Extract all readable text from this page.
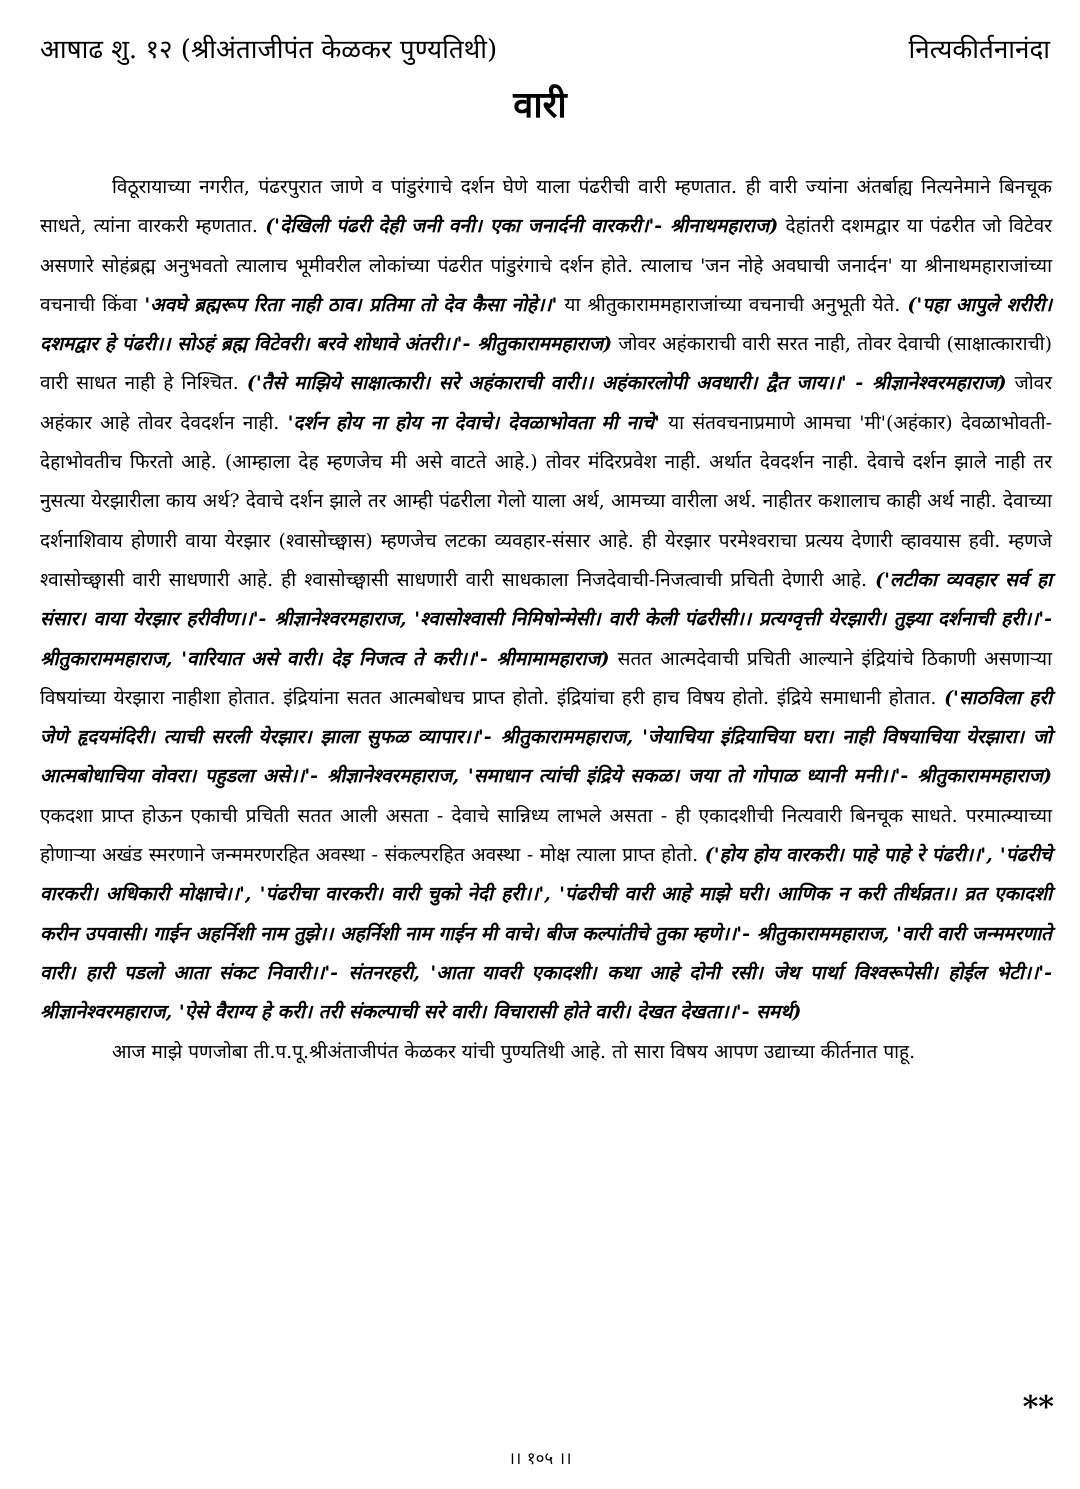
आषाढ शु. १२ (श्रीअंताजीपंत केळकर पुण्यतिथी)	नित्यकीर्तनानंदा
वारी

विठूरायाच्या नगरीत, पंढरपुरात जाणे व पांडुरंगाचे दर्शन घेणे याला पंढरीची वारी म्हणतात. ही वारी ज्यांना अंतर्बाह्य नित्यनेमाने बिनचूक साधते, त्यांना वारकरी म्हणतात. ('देखिली पंढरी देही जनी वनी। एका जनार्दनी वारकरी।'- श्रीनाथमहाराज) देहांतरी दशमद्वार या पंढरीत जो विटेवर असणारे सोहंब्रह्म अनुभवतो त्यालाच भूमीवरील लोकांच्या पंढरीत पांडुरंगाचे दर्शन होते. त्यालाच 'जन नोहे अवघाची जनार्दन' या श्रीनाथमहाराजांच्या वचनाची किंवा 'अवघे ब्रह्मरूप रिता नाही ठाव। प्रतिमा तो देव कैसा नोहे।।' या श्रीतुकाराममहाराजांच्या वचनाची अनुभूती येते. ('पहा आपुले शरीरी। दशमद्वार हे पंढरी।। सोऽहं ब्रह्म विटेवरी। बरवे शोधावे अंतरी।।'- श्रीतुकाराममहाराज) जोवर अहंकाराची वारी सरत नाही, तोवर देवाची (साक्षात्काराची) वारी साधत नाही हे निश्चित. ('तैसे माझिये साक्षात्कारी। सरे अहंकाराची वारी।। अहंकारलोपी अवधारी। द्वैत जाय।।' - श्रीज्ञानेश्वरमहाराज) जोवर अहंकार आहे तोवर देवदर्शन नाही. 'दर्शन होय ना होय ना देवाचे। देवळाभोवता मी नाचे' या संतवचनाप्रमाणे आमचा 'मी'(अहंकार) देवळाभोवती-देहाभोवतीच फिरतो आहे. (आम्हाला देह म्हणजेच मी असे वाटते आहे.) तोवर मंदिरप्रवेश नाही. अर्थात देवदर्शन नाही. देवाचे दर्शन झाले नाही तर नुसत्या येरझारीला काय अर्थ? देवाचे दर्शन झाले तर आम्ही पंढरीला गेलो याला अर्थ, आमच्या वारीला अर्थ. नाहीतर कशालाच काही अर्थ नाही. देवाच्या दर्शनाशिवाय होणारी वाया येरझार (श्वासोच्छ्वास) म्हणजेच लटका व्यवहार-संसार आहे. ही येरझार परमेश्वराचा प्रत्यय देणारी व्हावयास हवी. म्हणजे श्वासोच्छ्वासी वारी साधणारी आहे. ही श्वासोच्छ्वासी साधणारी वारी साधकाला निजदेवाची-निजत्वाची प्रचिती देणारी आहे. ('लटीका व्यवहार सर्व हा संसार। वाया येरझार हरीवीण।।'- श्रीज्ञानेश्वरमहाराज, 'श्वासोश्वासी निमिषोन्मेसी। वारी केली पंढरीसी।। प्रत्यग्वृत्ती येरझारी। तुझ्या दर्शनाची हरी।।'- श्रीतुकाराममहाराज, 'वारियात असे वारी। देइ निजत्व ते करी।।'- श्रीमामामहाराज) सतत आत्मदेवाची प्रचिती आल्याने इंद्रियांचे ठिकाणी असणाऱ्या विषयांच्या येरझारा नाहीशा होतात. इंद्रियांना सतत आत्मबोधच प्राप्त होतो. इंद्रियांचा हरी हाच विषय होतो. इंद्रिये समाधानी होतात. ('साठविला हरी जेणे हृदयमंदिरी। त्याची सरली येरझार। झाला सुफळ व्यापार।।'- श्रीतुकाराममहाराज, 'जेयाचिया इंद्रियाचिया घरा। नाही विषयाचिया येरझारा। जो आत्मबोधाचिया वोवरा। पहुडला असे।।'- श्रीज्ञानेश्वरमहाराज, 'समाधान त्यांची इंद्रिये सकळ। जया तो गोपाळ ध्यानी मनी।।'- श्रीतुकाराममहाराज) एकदशा प्राप्त होऊन एकाची प्रचिती सतत आली असता - देवाचे सान्निध्य लाभले असता - ही एकादशीची नित्यवारी बिनचूक साधते. परमात्म्याच्या होणाऱ्या अखंड स्मरणाने जन्ममरणरहित अवस्था - संकल्परहित अवस्था - मोक्ष त्याला प्राप्त होतो. ('होय होय वारकरी। पाहे पाहे रे पंढरी।।', 'पंढरीचे वारकरी। अधिकारी मोक्षाचे।।', 'पंढरीचा वारकरी। वारी चुको नेदी हरी।।', 'पंढरीची वारी आहे माझे घरी। आणिक न करी तीर्थव्रत।। व्रत एकादशी करीन उपवासी। गाईन अहर्निशी नाम तुझे।। अहर्निशी नाम गाईन मी वाचे। बीज कल्पांतीचे तुका म्हणे।।'- श्रीतुकाराममहाराज, 'वारी वारी जन्ममरणाते वारी। हारी पडलो आता संकट निवारी।।'- संतनरहरी, 'आता यावरी एकादशी। कथा आहे दोनी रसी। जेथ पार्था विश्वरूपेसी। होईल भेटी।।'- श्रीज्ञानेश्वरमहाराज, 'ऐसे वैराग्य हे करी। तरी संकल्पाची सरे वारी। विचारासी होते वारी। देखत देखता।।'- समर्थ)

आज माझे पणजोबा ती.प.पू.श्रीअंताजीपंत केळकर यांची पुण्यतिथी आहे. तो सारा विषय आपण उद्याच्या कीर्तनात पाहू.

**
।। १०५ ।।
